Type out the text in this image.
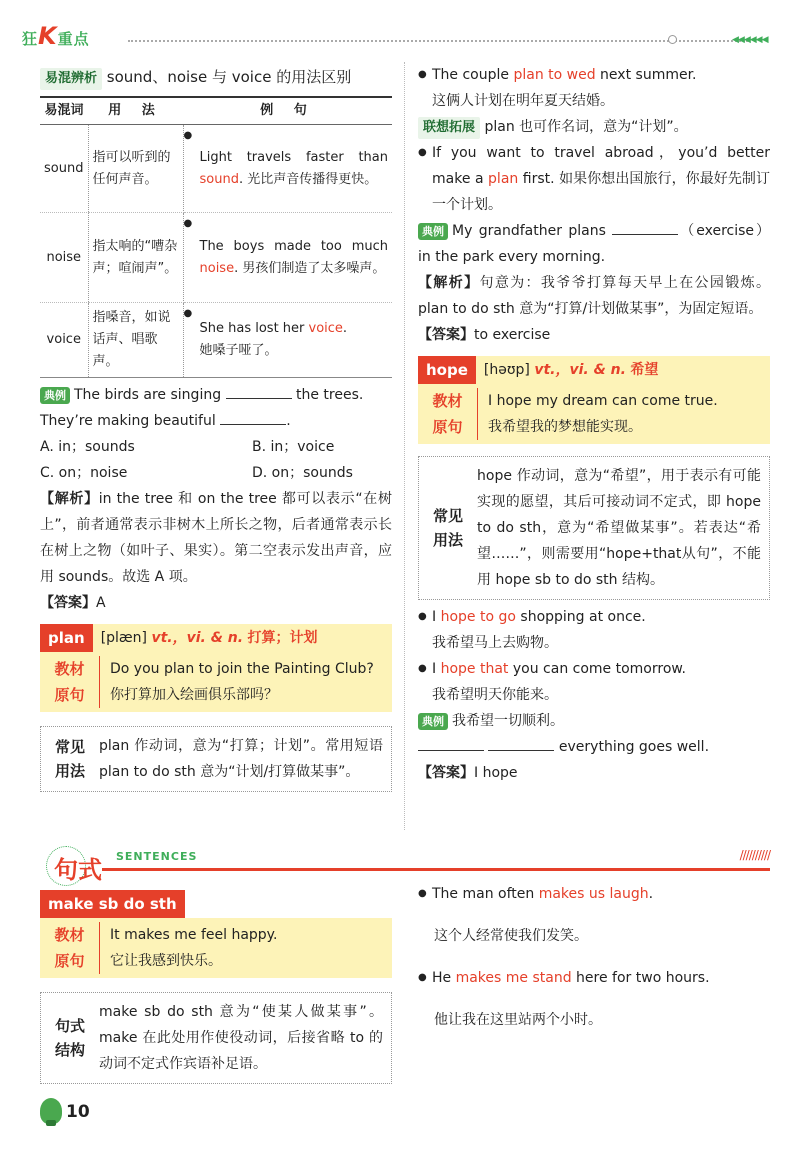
狂K重点	◀◀◀◀◀◀
易混辨析 sound、noise 与 voice 的用法区别
易混词	用 法	例 句
sound	指可以听到的任何声音。	● Light travels faster than sound. 光比声音传播得更快。
noise	指太响的“嘈杂声；喧闹声”。	● The boys made too much noise. 男孩们制造了太多噪声。
voice	指嗓音，如说话声、唱歌声。	● She has lost her voice.
她嗓子哑了。
典例 The birds are singing	the trees.
They’re making beautiful	.
A. in；sounds	B. in；voice
C. on；noise	D. on；sounds
【解析】in the tree 和 on the tree 都可以表示“在树上”，前者通常表示非树木上所长之物，后者通常表示长在树上之物（如叶子、果实）。第二空表示发出声音，应用 sounds。故选 A 项。
【答案】A
plan	[plæn] vt.，vi. & n. 打算；计划
教材
原句
Do you plan to join the Painting Club? 你打算加入绘画俱乐部吗？
常见
用法
plan 作动词，意为“打算；计划”。常用短语 plan to do sth 意为“计划/打算做某事”。
● The couple plan to wed next summer.
这俩人计划在明年夏天结婚。
联想拓展 plan 也可作名词，意为“计划”。
● If you want to travel abroad，you’d better make a plan first. 如果你想出国旅行，你最好先制订一个计划。
典例 My grandfather plans	（exercise）in the park every morning.
【解析】句意为：我爷爷打算每天早上在公园锻炼。plan to do sth 意为“打算/计划做某事”，为固定短语。
【答案】to exercise
hope	[həʊp] vt.，vi. & n. 希望
教材
原句
I hope my dream can come true.
我希望我的梦想能实现。
常见
用法
hope 作动词，意为“希望”，用于表示有可能实现的愿望，其后可接动词不定式，即 hope to do sth，意为“希望做某事”。若表达“希望……”，则需要用“hope+that从句”，不能用 hope sb to do sth 结构。
● I hope to go shopping at once.
我希望马上去购物。
● I hope that you can come tomorrow.
我希望明天你能来。
典例 我希望一切顺利。
everything goes well.
【答案】I hope
句式 SENTENCES	//////////
make sb do sth
教材
原句
It makes me feel happy.
它让我感到快乐。
句式
结构
make sb do sth 意为“使某人做某事”。make 在此处用作使役动词，后接省略 to 的动词不定式作宾语补足语。
● The man often makes us laugh.
这个人经常使我们发笑。
● He makes me stand here for two hours.
他让我在这里站两个小时。
10
